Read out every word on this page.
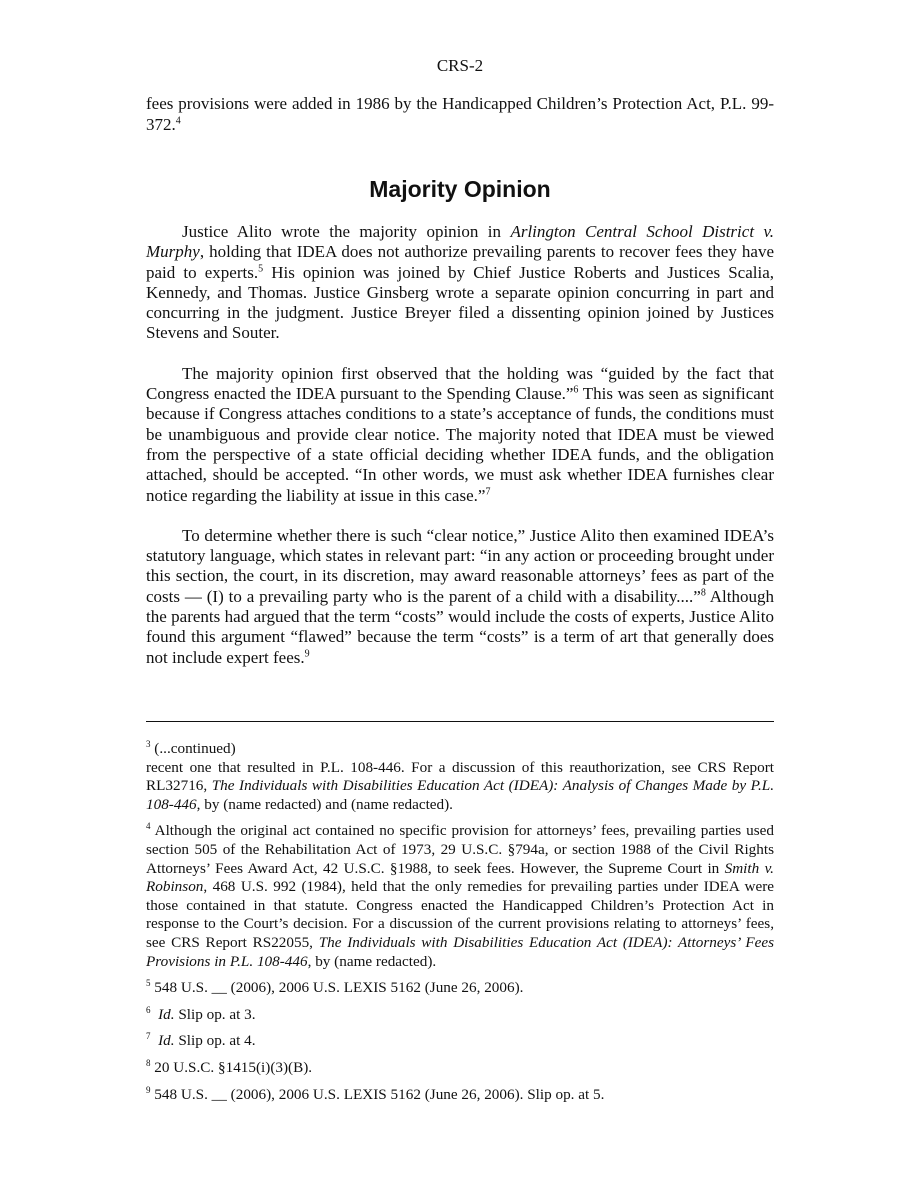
CRS-2

fees provisions were added in 1986 by the Handicapped Children’s Protection Act, P.L. 99-372.$^4$

Majority Opinion

Justice Alito wrote the majority opinion in Arlington Central School District v. Murphy, holding that IDEA does not authorize prevailing parents to recover fees they have paid to experts.$^5$ His opinion was joined by Chief Justice Roberts and Justices Scalia, Kennedy, and Thomas. Justice Ginsberg wrote a separate opinion concurring in part and concurring in the judgment. Justice Breyer filed a dissenting opinion joined by Justices Stevens and Souter.

The majority opinion first observed that the holding was “guided by the fact that Congress enacted the IDEA pursuant to the Spending Clause.”$^6$ This was seen as significant because if Congress attaches conditions to a state’s acceptance of funds, the conditions must be unambiguous and provide clear notice. The majority noted that IDEA must be viewed from the perspective of a state official deciding whether IDEA funds, and the obligation attached, should be accepted. “In other words, we must ask whether IDEA furnishes clear notice regarding the liability at issue in this case.”$^7$

To determine whether there is such “clear notice,” Justice Alito then examined IDEA’s statutory language, which states in relevant part: “in any action or proceeding brought under this section, the court, in its discretion, may award reasonable attorneys’ fees as part of the costs — (I) to a prevailing party who is the parent of a child with a disability....”$^8$ Although the parents had argued that the term “costs” would include the costs of experts, Justice Alito found this argument “flawed” because the term “costs” is a term of art that generally does not include expert fees.$^9$

$^3$ (...continued)
recent one that resulted in P.L. 108-446. For a discussion of this reauthorization, see CRS Report RL32716, The Individuals with Disabilities Education Act (IDEA): Analysis of Changes Made by P.L. 108-446, by (name redacted) and (name redacted).

$^4$ Although the original act contained no specific provision for attorneys’ fees, prevailing parties used section 505 of the Rehabilitation Act of 1973, 29 U.S.C. §794a, or section 1988 of the Civil Rights Attorneys’ Fees Award Act, 42 U.S.C. §1988, to seek fees. However, the Supreme Court in Smith v. Robinson, 468 U.S. 992 (1984), held that the only remedies for prevailing parties under IDEA were those contained in that statute. Congress enacted the Handicapped Children’s Protection Act in response to the Court’s decision. For a discussion of the current provisions relating to attorneys’ fees, see CRS Report RS22055, The Individuals with Disabilities Education Act (IDEA): Attorneys’ Fees Provisions in P.L. 108-446, by (name redacted).

$^5$ 548 U.S. __ (2006), 2006 U.S. LEXIS 5162 (June 26, 2006).

$^6$ Id. Slip op. at 3.

$^7$ Id. Slip op. at 4.

$^8$ 20 U.S.C. §1415(i)(3)(B).

$^9$ 548 U.S. __ (2006), 2006 U.S. LEXIS 5162 (June 26, 2006). Slip op. at 5.
